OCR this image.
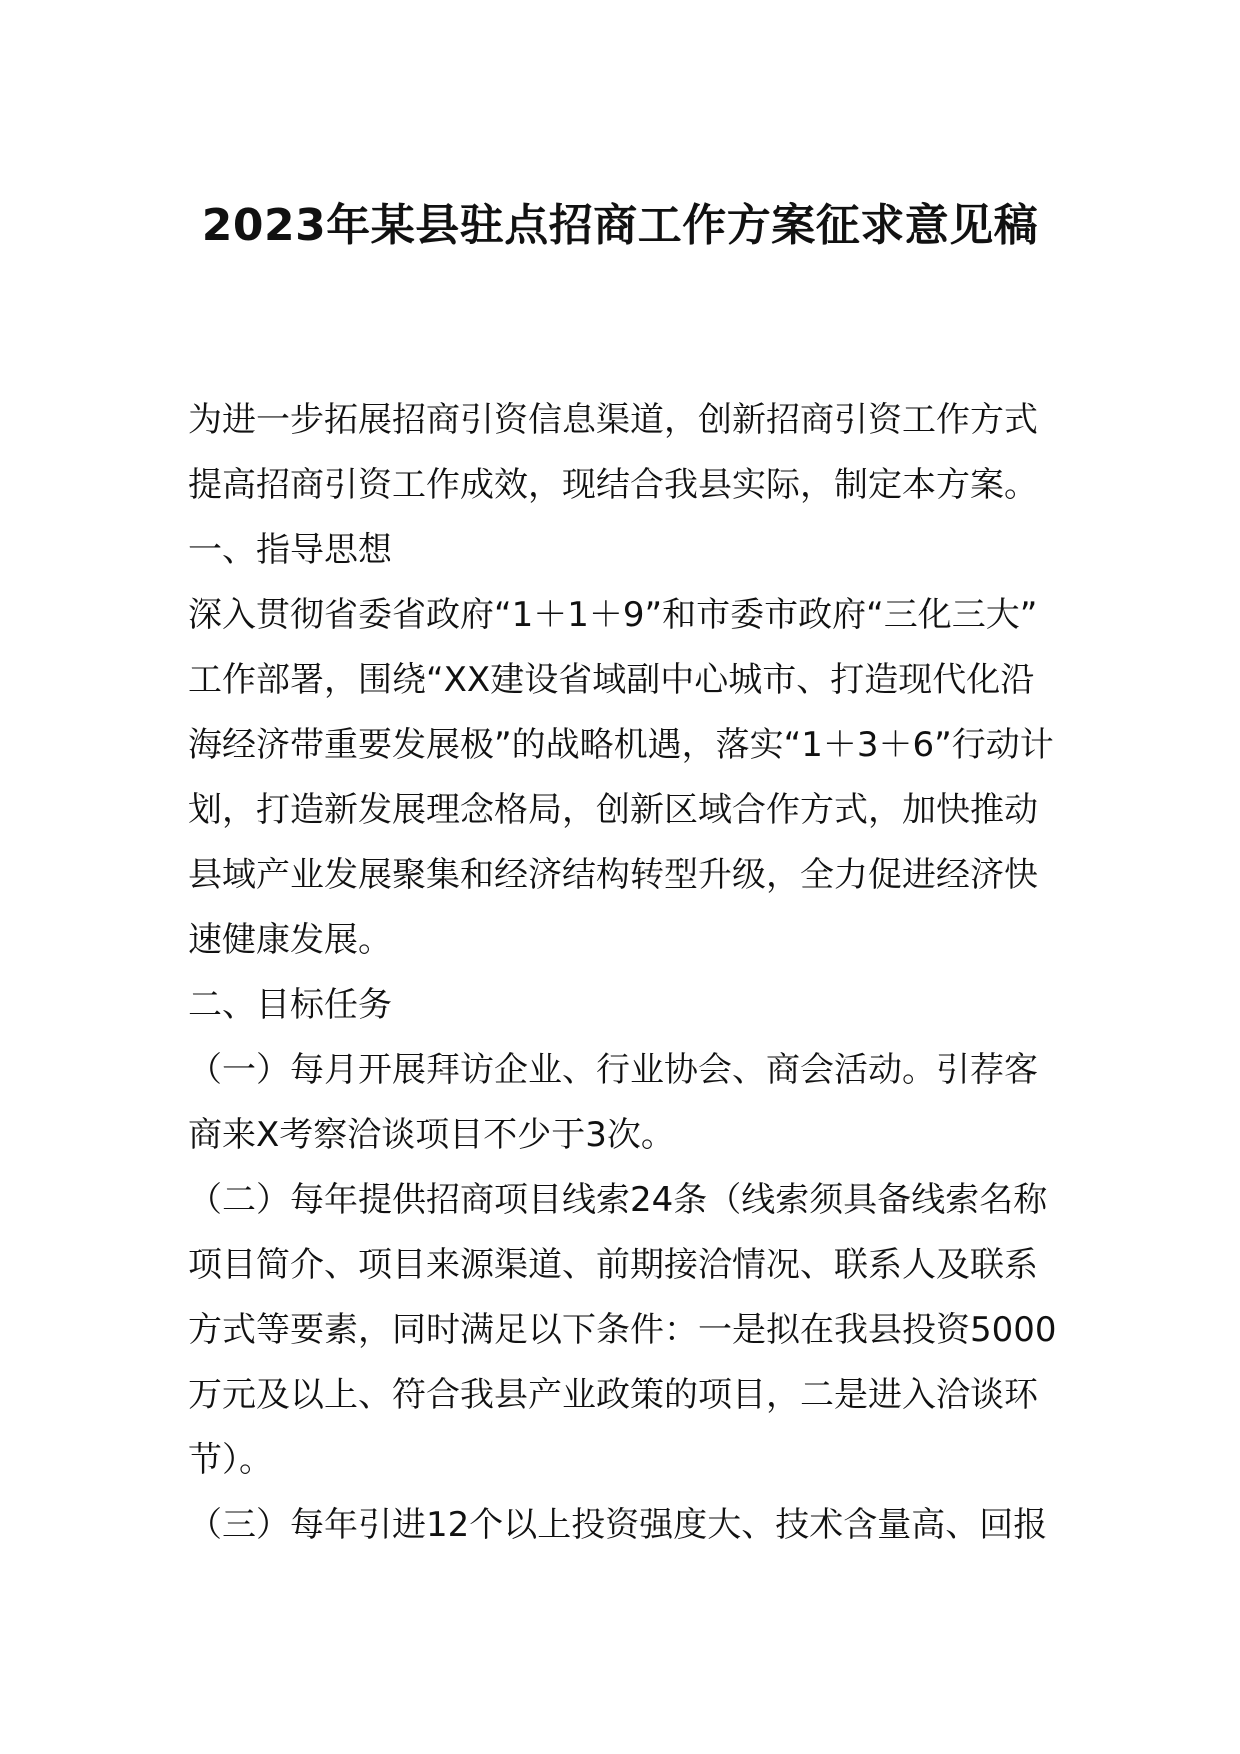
2023年某县驻点招商工作方案征求意见稿
为进一步拓展招商引资信息渠道，创新招商引资工作方式
提高招商引资工作成效，现结合我县实际，制定本方案。
一、指导思想
深入贯彻省委省政府“1＋1＋9”和市委市政府“三化三大”
工作部署，围绕“XX建设省域副中心城市、打造现代化沿
海经济带重要发展极”的战略机遇，落实“1＋3＋6”行动计
划，打造新发展理念格局，创新区域合作方式，加快推动
县域产业发展聚集和经济结构转型升级，全力促进经济快
速健康发展。
二、目标任务
（一）每月开展拜访企业、行业协会、商会活动。引荐客
商来X考察洽谈项目不少于3次。
（二）每年提供招商项目线索24条（线索须具备线索名称
项目简介、项目来源渠道、前期接洽情况、联系人及联系
方式等要素，同时满足以下条件：一是拟在我县投资5000
万元及以上、符合我县产业政策的项目，二是进入洽谈环
节）。
（三）每年引进12个以上投资强度大、技术含量高、回报
